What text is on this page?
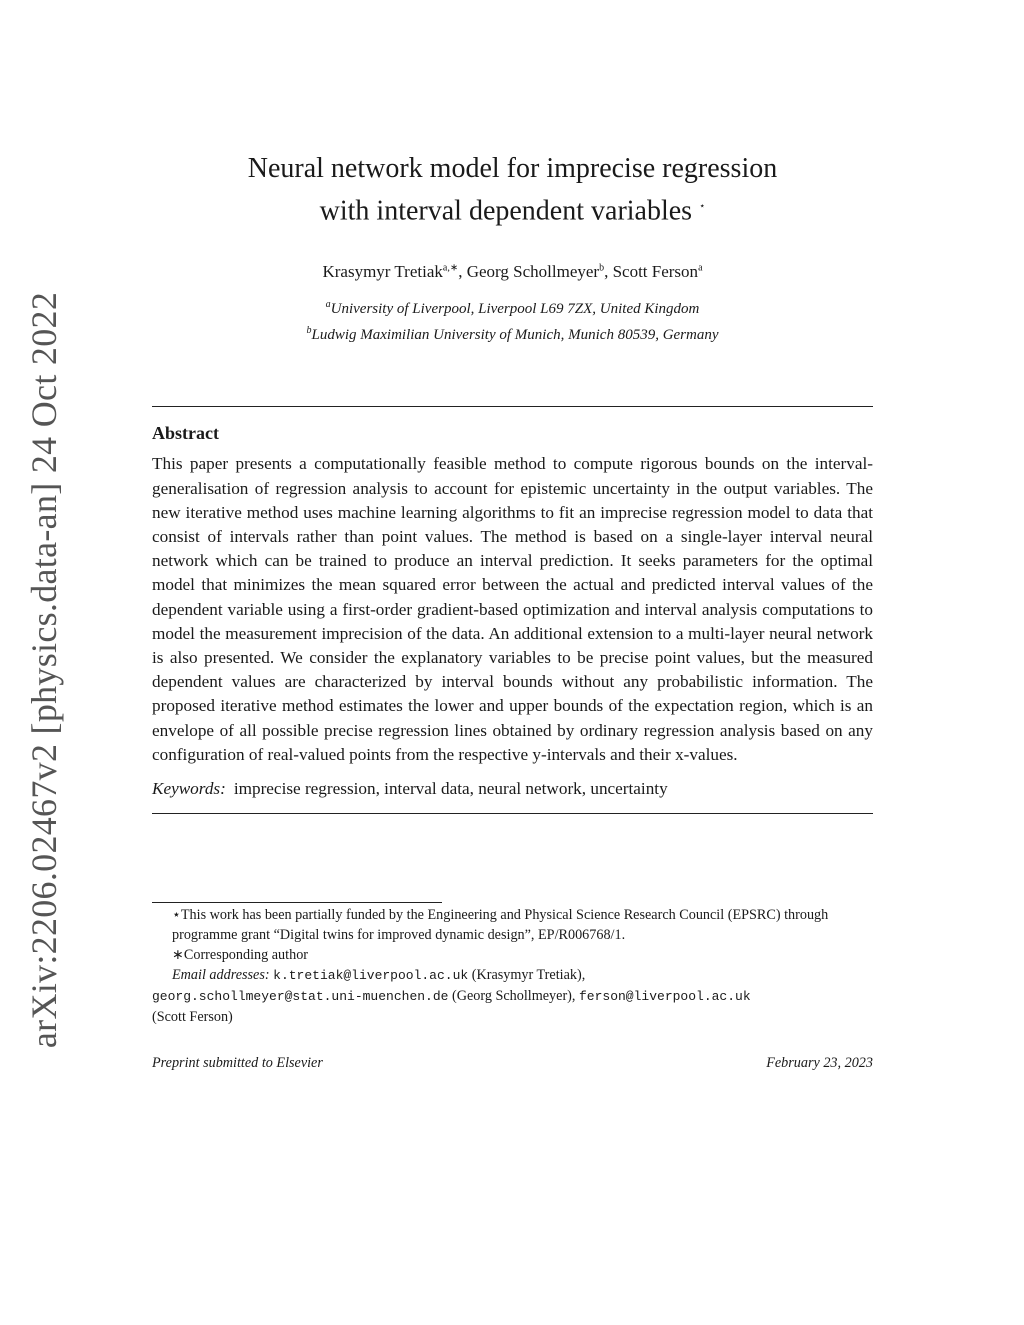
arXiv:2206.02467v2 [physics.data-an] 24 Oct 2022
Neural network model for imprecise regression
with interval dependent variables ⋆
Krasymyr Tretiak$^{a,∗}$, Georg Schollmeyer$^b$, Scott Ferson$^a$
$^a$University of Liverpool, Liverpool L69 7ZX, United Kingdom
$^b$Ludwig Maximilian University of Munich, Munich 80539, Germany
Abstract
This paper presents a computationally feasible method to compute rigorous bounds on the interval-generalisation of regression analysis to account for epistemic uncertainty in the output variables. The new iterative method uses machine learning algorithms to fit an imprecise regression model to data that consist of intervals rather than point values. The method is based on a single-layer interval neural network which can be trained to produce an interval prediction. It seeks parameters for the optimal model that minimizes the mean squared error between the actual and predicted interval values of the dependent variable using a first-order gradient-based optimization and interval analysis computations to model the measurement imprecision of the data. An additional extension to a multi-layer neural network is also presented. We consider the explanatory variables to be precise point values, but the measured dependent values are characterized by interval bounds without any probabilistic information. The proposed iterative method estimates the lower and upper bounds of the expectation region, which is an envelope of all possible precise regression lines obtained by ordinary regression analysis based on any configuration of real-valued points from the respective y-intervals and their x-values.
Keywords: imprecise regression, interval data, neural network, uncertainty
⋆This work has been partially funded by the Engineering and Physical Science Research Council (EPSRC) through programme grant “Digital twins for improved dynamic design”, EP/R006768/1.
∗Corresponding author
Email addresses: k.tretiak@liverpool.ac.uk (Krasymyr Tretiak),
georg.schollmeyer@stat.uni-muenchen.de (Georg Schollmeyer), ferson@liverpool.ac.uk
(Scott Ferson)
Preprint submitted to Elsevier	February 23, 2023
